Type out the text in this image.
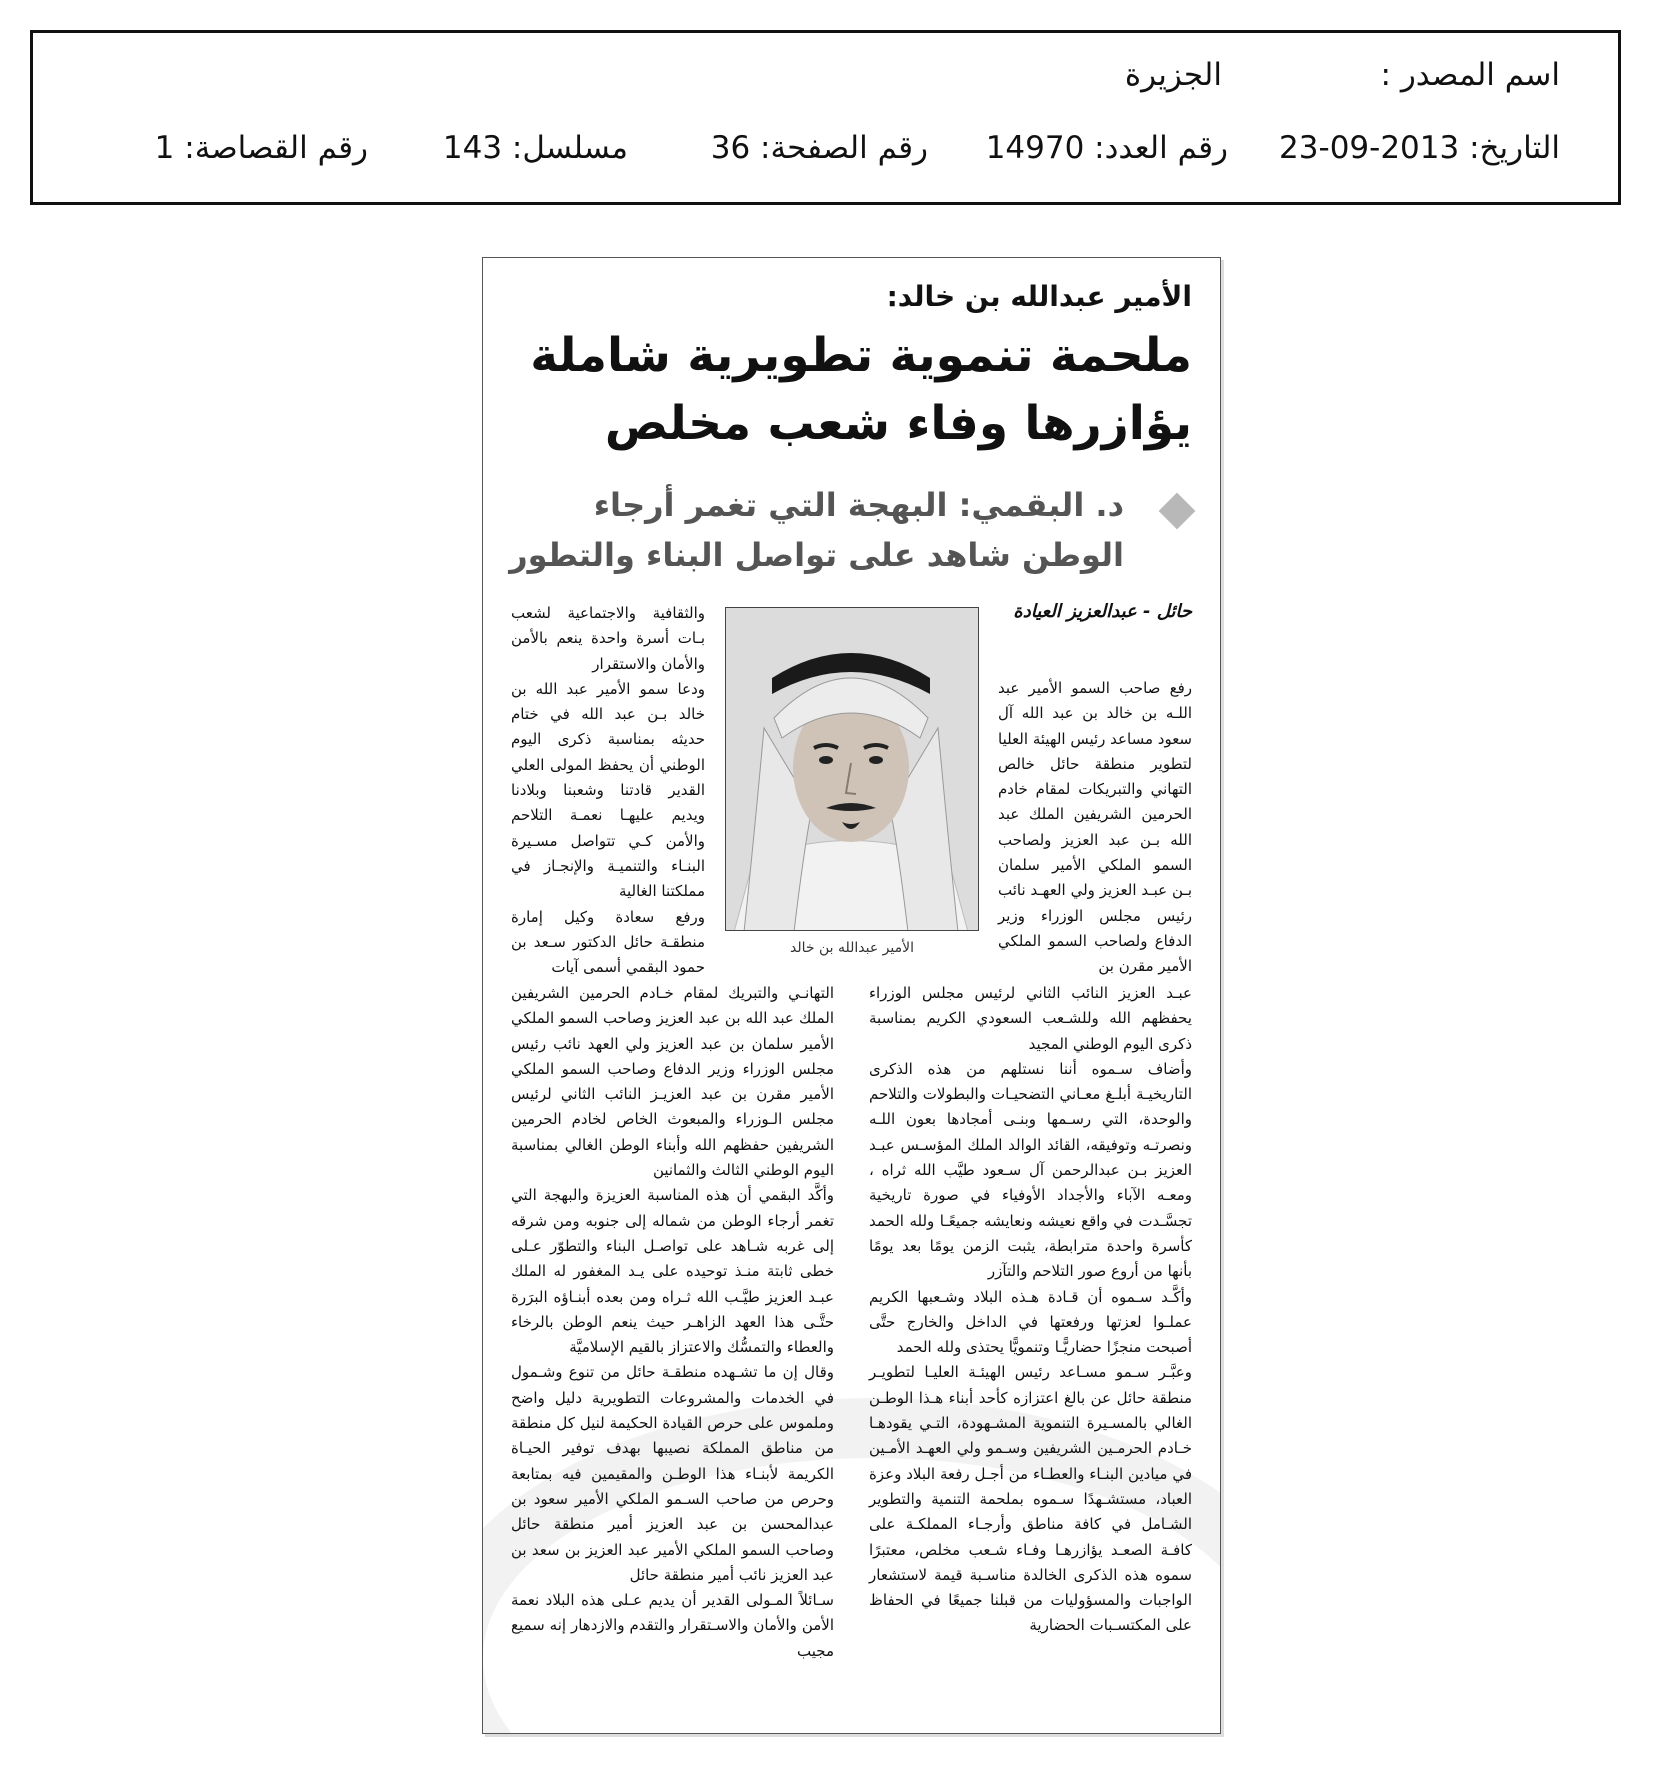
اسم المصدر :
الجزيرة
التاريخ: 2013-09-23
رقم العدد: 14970
رقم الصفحة: 36
مسلسل: 143
رقم القصاصة: 1
الأمير عبدالله بن خالد:
ملحمة تنموية تطويرية شاملة يؤازرها وفاء شعب مخلص
د. البقمي: البهجة التي تغمر أرجاء الوطن شاهد على تواصل البناء والتطور
حائل - عبدالعزيز العيادة
الأمير عبدالله بن خالد

رفع صاحب السمو الأمير عبد اللـه بن خالد بن عبد الله آل سعود مساعد رئيس الهيئة العليا لتطوير منطقة حائل خالص التهاني والتبريكات لمقام خادم الحرمين الشريفين الملك عبد الله بـن عبد العزيز ولصاحب السمو الملكي الأمير سلمان بـن عبـد العزيز ولي العهـد نائب رئيس مجلس الوزراء وزير الدفاع ولصاحب السمو الملكي الأمير مقرن بن

والثقافية والاجتماعية لشعب بـات أسرة واحدة ينعم بالأمن والأمان والاستقرار

ودعا سمو الأمير عبد الله بن خالد بـن عبد الله في ختام حديثه بمناسبة ذكرى اليوم الوطني أن يحفظ المولى العلي القدير قادتنا وشعبنا وبلادنا ويديم عليهـا نعمـة التلاحم والأمن كـي تتواصل مسـيرة البنـاء والتنميـة والإنجـاز في مملكتنا الغالية

ورفع سعادة وكيل إمارة منطقـة حائل الدكتور سـعد بن حمود البقمي أسمى آيات

عبـد العزيز النائب الثاني لرئيس مجلس الوزراء يحفظهم الله وللشـعب السعودي الكريم بمناسبة ذكرى اليوم الوطني المجيد

وأضاف سـموه أننا نستلهم من هذه الذكرى التاريخيـة أبلـغ معـاني التضحيـات والبطولات والتلاحم والوحدة، التي رسـمها وبنـى أمجادها بعون اللـه ونصرتـه وتوفيقه، القائد الوالد الملك المؤسـس عبـد العزيز بـن عبدالرحمن آل سـعود طيَّب الله ثراه ، ومعـه الآباء والأجداد الأوفياء في صورة تاريخية تجسَّـدت في واقع نعيشه ونعايشه جميعًـا ولله الحمد كأسرة واحدة مترابطة، يثبت الزمن يومًا بعد يومًا بأنها من أروع صور التلاحم والتآزر

وأكَّـد سـموه أن قـادة هـذه البلاد وشـعبها الكريم عملـوا لعزتها ورفعتها في الداخل والخارج حتَّى أصبحت منجزًا حضاريًّـا وتنمويًّا يحتذى ولله الحمد

وعبَّـر سـمو مسـاعد رئيس الهيئـة العليـا لتطويـر منطقة حائل عن بالغ اعتزازه كأحد أبناء هـذا الوطـن الغالي بالمسـيرة التنموية المشـهودة، التـي يقودهـا خـادم الحرمـين الشريفين وسـمو ولي العهـد الأمـين في ميادين البنـاء والعطـاء من أجـل رفعة البلاد وعزة العباد، مستشـهدًا سـموه بملحمة التنمية والتطوير الشـامل في كافة مناطق وأرجـاء المملكـة على كافـة الصعـد يؤازرهـا وفـاء شـعب مخلص، معتبرًا سموه هذه الذكرى الخالدة مناسـبة قيمة لاستشعار الواجبات والمسؤوليات من قبلنا جميعًا في الحفاظ على المكتسـبات الحضارية

التهانـي والتبريك لمقام خـادم الحرمين الشريفين الملك عبد الله بن عبد العزيز وصاحب السمو الملكي الأمير سلمان بن عبد العزيز ولي العهد نائب رئيس مجلس الوزراء وزير الدفاع وصاحب السمو الملكي الأمير مقرن بن عبد العزيـز النائب الثاني لرئيس مجلس الـوزراء والمبعوث الخاص لخادم الحرمين الشريفين حفظهم الله وأبناء الوطن الغالي بمناسبة اليوم الوطني الثالث والثمانين

وأكَّد البقمي أن هذه المناسبة العزيزة والبهجة التي تغمر أرجاء الوطن من شماله إلى جنوبه ومن شرقه إلى غربه شـاهد على تواصـل البناء والتطوّر عـلى خطى ثابتة منـذ توحيده على يـد المغفور له الملك عبـد العزيز طيَّـب الله ثـراه ومن بعده أبنـاؤه البرَرة حتَّـى هذا العهد الزاهـر حيث ينعم الوطن بالرخاء والعطاء والتمسُّك والاعتزاز بالقيم الإسلاميَّة

وقال إن ما تشـهده منطقـة حائل من تنوع وشـمول في الخدمات والمشروعات التطويرية دليل واضح وملموس على حرص القيادة الحكيمة لنيل كل منطقة من مناطق المملكة نصيبها بهدف توفير الحيـاة الكريمة لأبنـاء هذا الوطـن والمقيمين فيه بمتابعة وحرص من صاحب السـمو الملكي الأمير سعود بن عبدالمحسن بن عبد العزيز أمير منطقة حائل وصاحب السمو الملكي الأمير عبد العزيز بن سعد بن عبد العزيز نائب أمير منطقة حائل

سـائلاً المـولى القدير أن يديم عـلى هذه البلاد نعمة الأمن والأمان والاسـتقرار والتقدم والازدهار إنه سميع مجيب
